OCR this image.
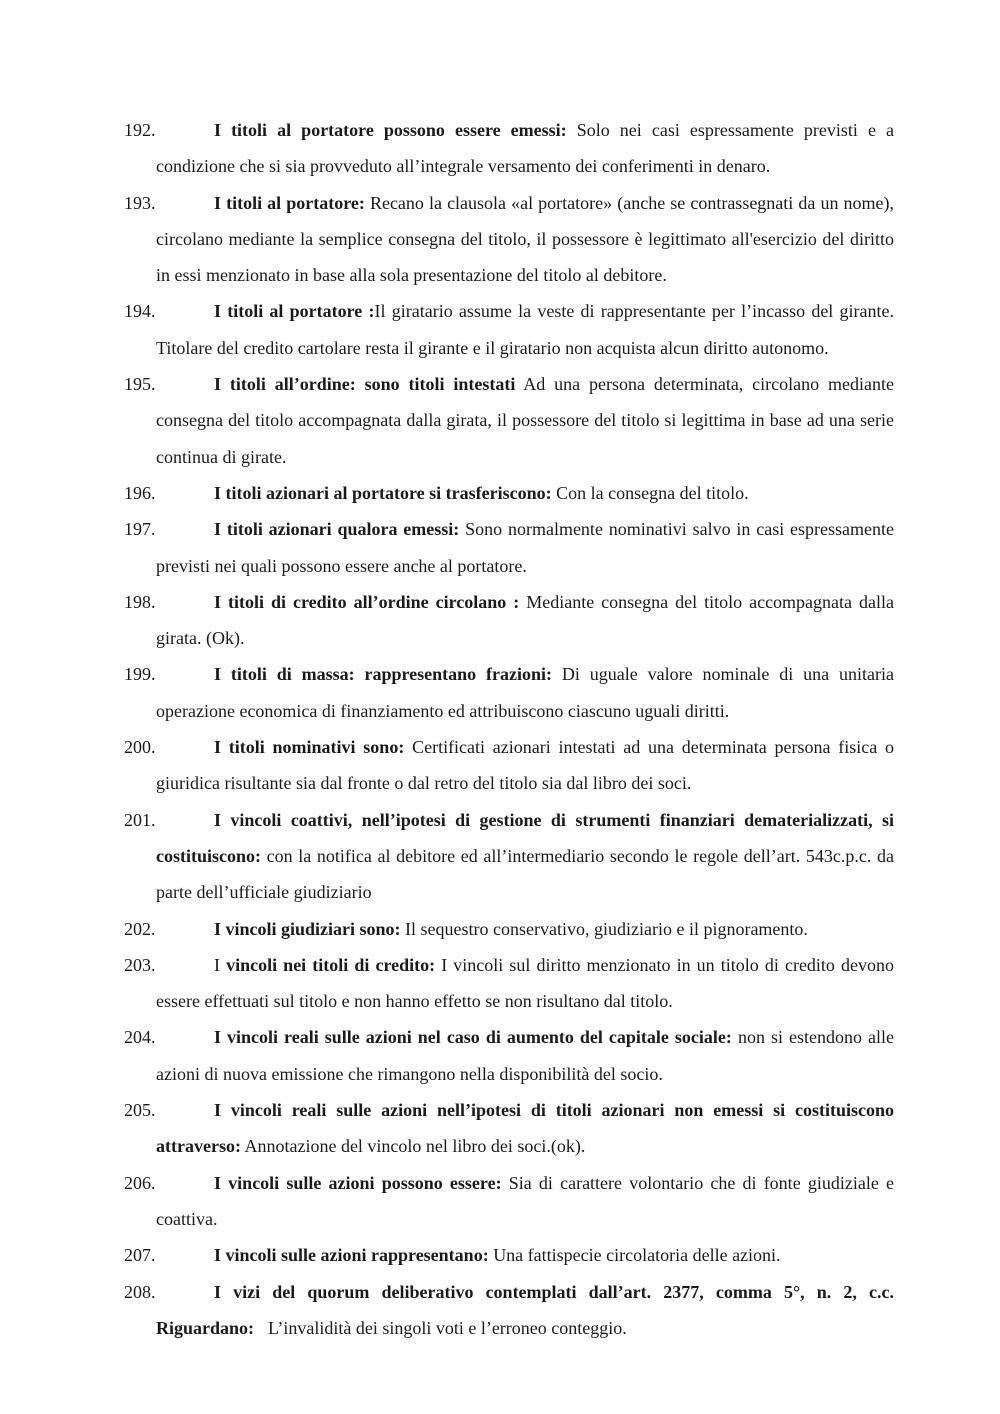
192.	I titoli al portatore possono essere emessi: Solo nei casi espressamente previsti e a condizione che si sia provveduto all’integrale versamento dei conferimenti in denaro.
193.	I titoli al portatore: Recano la clausola «al portatore» (anche se contrassegnati da un nome), circolano mediante la semplice consegna del titolo, il possessore è legittimato all'esercizio del diritto in essi menzionato in base alla sola presentazione del titolo al debitore.
194.	I titoli al portatore :Il giratario assume la veste di rappresentante per l’incasso del girante. Titolare del credito cartolare resta il girante e il giratario non acquista alcun diritto autonomo.
195.	I titoli all’ordine: sono titoli intestati Ad una persona determinata, circolano mediante consegna del titolo accompagnata dalla girata, il possessore del titolo si legittima in base ad una serie continua di girate.
196.	I titoli azionari al portatore si trasferiscono: Con la consegna del titolo.
197.	I titoli azionari qualora emessi: Sono normalmente nominativi salvo in casi espressamente previsti nei quali possono essere anche al portatore.
198.	I titoli di credito all’ordine circolano : Mediante consegna del titolo accompagnata dalla girata. (Ok).
199.	I titoli di massa: rappresentano frazioni: Di uguale valore nominale di una unitaria operazione economica di finanziamento ed attribuiscono ciascuno uguali diritti.
200.	I titoli nominativi sono: Certificati azionari intestati ad una determinata persona fisica o giuridica risultante sia dal fronte o dal retro del titolo sia dal libro dei soci.
201.	I vincoli coattivi, nell’ipotesi di gestione di strumenti finanziari dematerializzati, si costituiscono: con la notifica al debitore ed all’intermediario secondo le regole dell’art. 543c.p.c. da parte dell’ufficiale giudiziario
202.	I vincoli giudiziari sono: Il sequestro conservativo, giudiziario e il pignoramento.
203.	I vincoli nei titoli di credito: I vincoli sul diritto menzionato in un titolo di credito devono essere effettuati sul titolo e non hanno effetto se non risultano dal titolo.
204.	I vincoli reali sulle azioni nel caso di aumento del capitale sociale: non si estendono alle azioni di nuova emissione che rimangono nella disponibilità del socio.
205.	I vincoli reali sulle azioni nell’ipotesi di titoli azionari non emessi si costituiscono attraverso: Annotazione del vincolo nel libro dei soci.(ok).
206.	I vincoli sulle azioni possono essere: Sia di carattere volontario che di fonte giudiziale e coattiva.
207.	I vincoli sulle azioni rappresentano: Una fattispecie circolatoria delle azioni.
208.	I vizi del quorum deliberativo contemplati dall’art. 2377, comma 5°, n. 2, c.c. Riguardano: L’invalidità dei singoli voti e l’erroneo conteggio.
